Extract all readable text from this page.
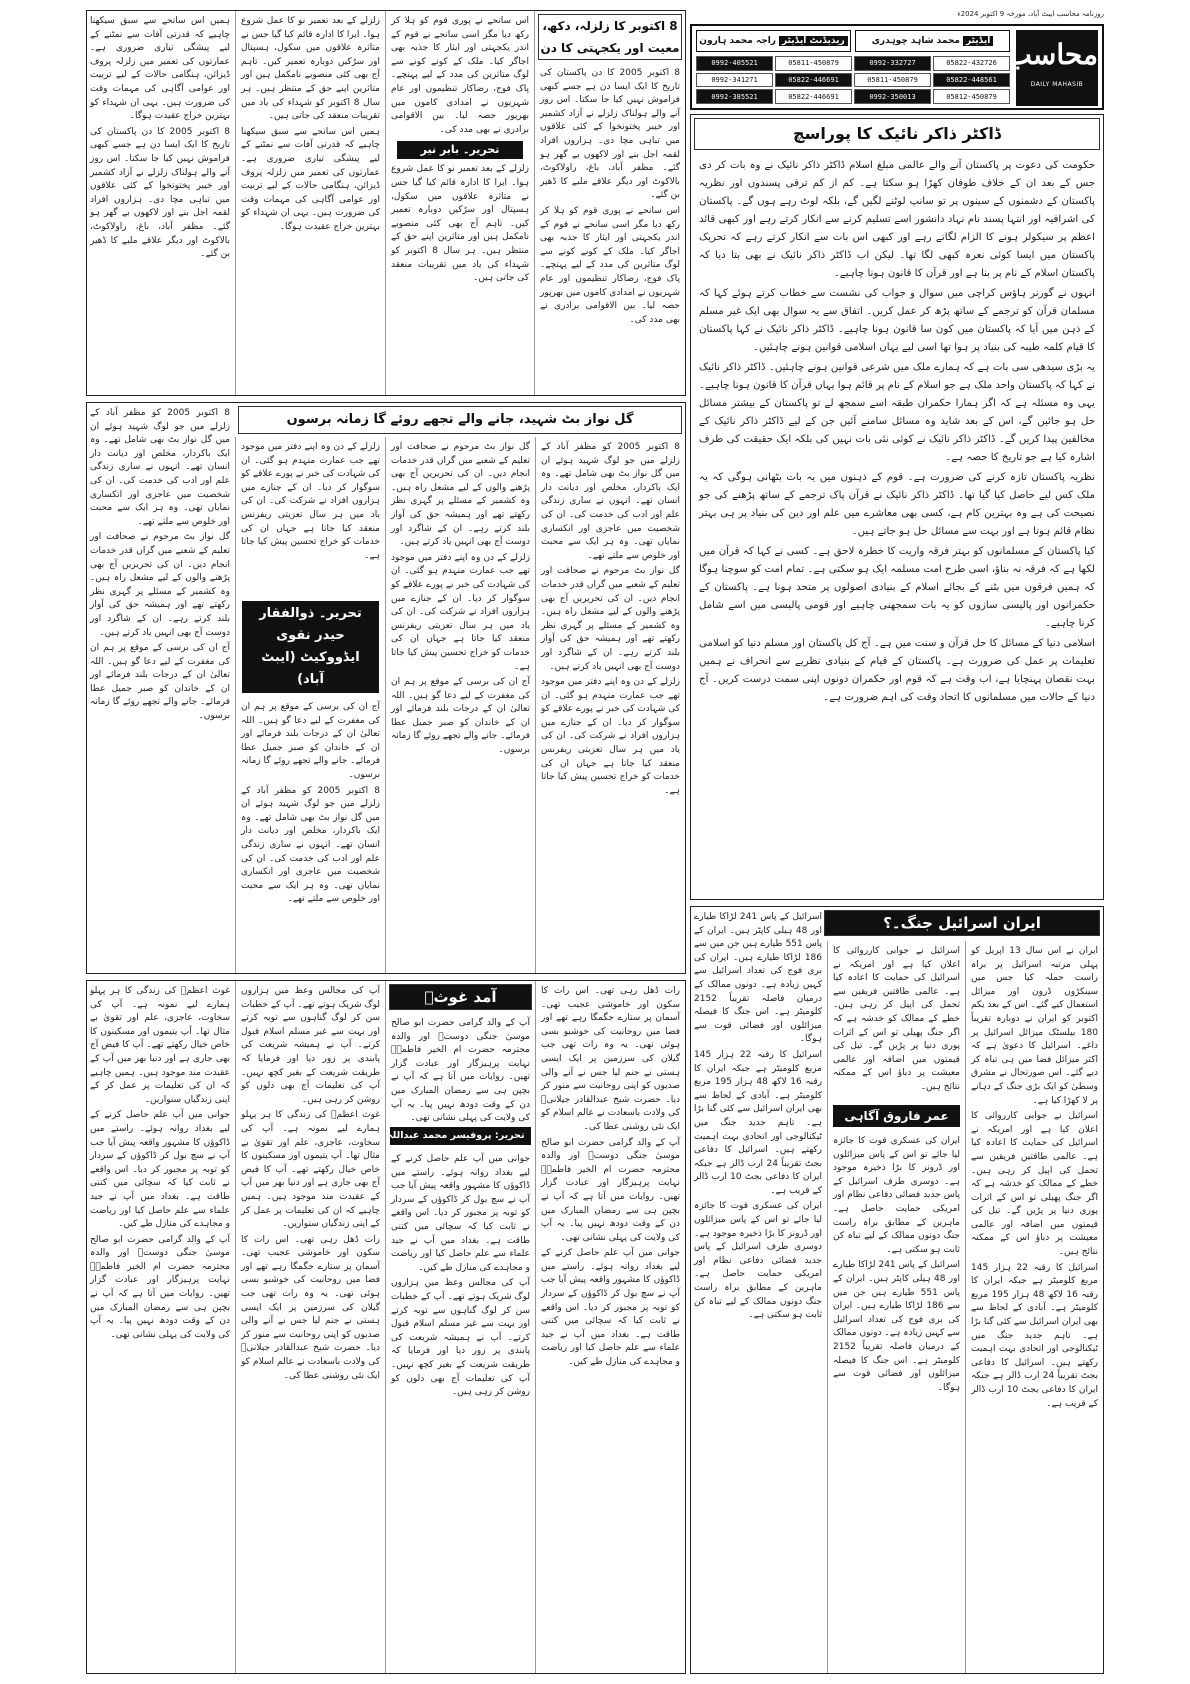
روزنامہ محاسب ایبٹ آباد، مورخہ 9 اکتوبر 2024ء
محاسب
DAILY MAHASIB
ایڈیٹر
محمد شاہد چوہدری
ریذیڈنٹ ایڈیٹر
راجہ محمد ہارون
05822-432726
0992-332727
05811-450879
0992-405521
05822-448561
05811-450879
05822-446691
0992-341271
05812-450879
0992-350013
05822-446691
0992-385521
ڈاکٹر ذاکر نائیک کا پوراسچ

حکومت کی دعوت پر پاکستان آنے والے عالمی مبلغ اسلام ڈاکٹر ذاکر نائیک نے وہ بات کر دی جس کے بعد ان کے خلاف طوفان کھڑا ہو سکتا ہے۔ کم از کم ترقی پسندوں اور نظریہ پاکستان کے دشمنوں کے سینوں پر تو سانپ لوٹنے لگیں گے، بلکہ لوٹ رہے ہوں گے۔ پاکستان کی اشرافیہ اور انتہا پسند نام نہاد دانشور اسے تسلیم کرنے سے انکار کرتے رہے اور کبھی قائد اعظم پر سیکولر ہونے کا الزام لگاتے رہے اور کبھی اس بات سے انکار کرتے رہے کہ تحریک پاکستان میں ایسا کوئی نعرہ کبھی لگا تھا۔ لیکن اب ڈاکٹر ذاکر نائیک نے بھی بتا دیا کہ پاکستان اسلام کے نام پر بنا ہے اور قرآن کا قانون ہونا چاہیے۔

انہوں نے گورنر ہاؤس کراچی میں سوال و جواب کی نشست سے خطاب کرتے ہوئے کہا کہ مسلمان قرآن کو ترجمے کے ساتھ پڑھ کر عمل کریں۔ اتفاق سے یہ سوال بھی ایک غیر مسلم کے ذہن میں آیا کہ پاکستان میں کون سا قانون ہونا چاہیے۔ ڈاکٹر ذاکر نائیک نے کہا پاکستان کا قیام کلمہ طیبہ کی بنیاد پر ہوا تھا اسی لیے یہاں اسلامی قوانین ہونے چاہئیں۔

یہ بڑی سیدھی سی بات ہے کہ ہمارے ملک میں شرعی قوانین ہونے چاہئیں۔ ڈاکٹر ذاکر نائیک نے کہا کہ پاکستان واحد ملک ہے جو اسلام کے نام پر قائم ہوا یہاں قرآن کا قانون ہونا چاہیے۔ یہی وہ مسئلہ ہے کہ اگر ہمارا حکمران طبقہ اسے سمجھ لے تو پاکستان کے بیشتر مسائل حل ہو جائیں گے، اس کے بعد شاید وہ مسائل سامنے آئیں جن کے لیے ڈاکٹر ذاکر نائیک کے مخالفین پیدا کریں گے۔ ڈاکٹر ذاکر نائیک نے کوئی نئی بات نہیں کی بلکہ ایک حقیقت کی طرف اشارہ کیا ہے جو تاریخ کا حصہ ہے۔

نظریہ پاکستان تازہ کرنے کی ضرورت ہے۔ قوم کے ذہنوں میں یہ بات بٹھانی ہوگی کہ یہ ملک کس لیے حاصل کیا گیا تھا۔ ڈاکٹر ذاکر نائیک نے قرآن پاک ترجمے کے ساتھ پڑھنے کی جو نصیحت کی ہے وہ بہترین کام ہے، کسی بھی معاشرے میں علم اور دین کی بنیاد پر ہی بہتر نظام قائم ہوتا ہے اور بہت سے مسائل حل ہو جاتے ہیں۔

کیا پاکستان کے مسلمانوں کو بہتر فرقہ واریت کا خطرہ لاحق ہے۔ کسی نے کہا کہ قرآن میں لکھا ہے کہ فرقہ نہ بناؤ، اسی طرح امت مسلمہ ایک ہو سکتی ہے۔ تمام امت کو سوچنا ہوگا کہ ہمیں فرقوں میں بٹنے کے بجائے اسلام کے بنیادی اصولوں پر متحد ہونا ہے۔ پاکستان کے حکمرانوں اور پالیسی سازوں کو یہ بات سمجھنی چاہیے اور قومی پالیسی میں اسے شامل کرنا چاہیے۔

اسلامی دنیا کے مسائل کا حل قرآن و سنت میں ہے۔ آج کل پاکستان اور مسلم دنیا کو اسلامی تعلیمات پر عمل کی ضرورت ہے۔ پاکستان کے قیام کے بنیادی نظریے سے انحراف نے ہمیں بہت نقصان پہنچایا ہے، اب وقت ہے کہ قوم اور حکمران دونوں اپنی سمت درست کریں۔ آج دنیا کے حالات میں مسلمانوں کا اتحاد وقت کی اہم ضرورت ہے۔

8 اکتوبر کا زلزلہ، دکھ، معیت اور یکجہتی کا دن

8 اکتوبر 2005 کا دن پاکستان کی تاریخ کا ایک ایسا دن ہے جسے کبھی فراموش نہیں کیا جا سکتا۔ اس روز آنے والے ہولناک زلزلے نے آزاد کشمیر اور خیبر پختونخوا کے کئی علاقوں میں تباہی مچا دی۔ ہزاروں افراد لقمہ اجل بنے اور لاکھوں بے گھر ہو گئے۔ مظفر آباد، باغ، راولاکوٹ، بالاکوٹ اور دیگر علاقے ملبے کا ڈھیر بن گئے۔

اس سانحے نے پوری قوم کو ہلا کر رکھ دیا مگر اسی سانحے نے قوم کے اندر یکجہتی اور ایثار کا جذبہ بھی اجاگر کیا۔ ملک کے کونے کونے سے لوگ متاثرین کی مدد کے لیے پہنچے۔ پاک فوج، رضاکار تنظیموں اور عام شہریوں نے امدادی کاموں میں بھرپور حصہ لیا۔ بین الاقوامی برادری نے بھی مدد کی۔

اس سانحے نے پوری قوم کو ہلا کر رکھ دیا مگر اسی سانحے نے قوم کے اندر یکجہتی اور ایثار کا جذبہ بھی اجاگر کیا۔ ملک کے کونے کونے سے لوگ متاثرین کی مدد کے لیے پہنچے۔ پاک فوج، رضاکار تنظیموں اور عام شہریوں نے امدادی کاموں میں بھرپور حصہ لیا۔ بین الاقوامی برادری نے بھی مدد کی۔

تحریر۔ بابر نیر

زلزلے کے بعد تعمیر نو کا عمل شروع ہوا۔ ایرا کا ادارہ قائم کیا گیا جس نے متاثرہ علاقوں میں سکول، ہسپتال اور سڑکیں دوبارہ تعمیر کیں۔ تاہم آج بھی کئی منصوبے نامکمل ہیں اور متاثرین اپنے حق کے منتظر ہیں۔ ہر سال 8 اکتوبر کو شہداء کی یاد میں تقریبات منعقد کی جاتی ہیں۔

زلزلے کے بعد تعمیر نو کا عمل شروع ہوا۔ ایرا کا ادارہ قائم کیا گیا جس نے متاثرہ علاقوں میں سکول، ہسپتال اور سڑکیں دوبارہ تعمیر کیں۔ تاہم آج بھی کئی منصوبے نامکمل ہیں اور متاثرین اپنے حق کے منتظر ہیں۔ ہر سال 8 اکتوبر کو شہداء کی یاد میں تقریبات منعقد کی جاتی ہیں۔

ہمیں اس سانحے سے سبق سیکھنا چاہیے کہ قدرتی آفات سے نمٹنے کے لیے پیشگی تیاری ضروری ہے۔ عمارتوں کی تعمیر میں زلزلہ پروف ڈیزائن، ہنگامی حالات کے لیے تربیت اور عوامی آگاہی کی مہمات وقت کی ضرورت ہیں۔ یہی ان شہداء کو بہترین خراج عقیدت ہوگا۔

ہمیں اس سانحے سے سبق سیکھنا چاہیے کہ قدرتی آفات سے نمٹنے کے لیے پیشگی تیاری ضروری ہے۔ عمارتوں کی تعمیر میں زلزلہ پروف ڈیزائن، ہنگامی حالات کے لیے تربیت اور عوامی آگاہی کی مہمات وقت کی ضرورت ہیں۔ یہی ان شہداء کو بہترین خراج عقیدت ہوگا۔

8 اکتوبر 2005 کا دن پاکستان کی تاریخ کا ایک ایسا دن ہے جسے کبھی فراموش نہیں کیا جا سکتا۔ اس روز آنے والے ہولناک زلزلے نے آزاد کشمیر اور خیبر پختونخوا کے کئی علاقوں میں تباہی مچا دی۔ ہزاروں افراد لقمہ اجل بنے اور لاکھوں بے گھر ہو گئے۔ مظفر آباد، باغ، راولاکوٹ، بالاکوٹ اور دیگر علاقے ملبے کا ڈھیر بن گئے۔

گل نواز بٹ شہید، جانے والے تجھے روئے گا زمانہ برسوں

8 اکتوبر 2005 کو مظفر آباد کے زلزلے میں جو لوگ شہید ہوئے ان میں گل نواز بٹ بھی شامل تھے۔ وہ ایک باکردار، مخلص اور دیانت دار انسان تھے۔ انہوں نے ساری زندگی علم اور ادب کی خدمت کی۔ ان کی شخصیت میں عاجزی اور انکساری نمایاں تھی۔ وہ ہر ایک سے محبت اور خلوص سے ملتے تھے۔

گل نواز بٹ مرحوم نے صحافت اور تعلیم کے شعبے میں گراں قدر خدمات انجام دیں۔ ان کی تحریریں آج بھی پڑھنے والوں کے لیے مشعل راہ ہیں۔ وہ کشمیر کے مسئلے پر گہری نظر رکھتے تھے اور ہمیشہ حق کی آواز بلند کرتے رہے۔ ان کے شاگرد اور دوست آج بھی انہیں یاد کرتے ہیں۔

زلزلے کے دن وہ اپنے دفتر میں موجود تھے جب عمارت منہدم ہو گئی۔ ان کی شہادت کی خبر نے پورے علاقے کو سوگوار کر دیا۔ ان کے جنازے میں ہزاروں افراد نے شرکت کی۔ ان کی یاد میں ہر سال تعزیتی ریفرنس منعقد کیا جاتا ہے جہاں ان کی خدمات کو خراج تحسین پیش کیا جاتا ہے۔

گل نواز بٹ مرحوم نے صحافت اور تعلیم کے شعبے میں گراں قدر خدمات انجام دیں۔ ان کی تحریریں آج بھی پڑھنے والوں کے لیے مشعل راہ ہیں۔ وہ کشمیر کے مسئلے پر گہری نظر رکھتے تھے اور ہمیشہ حق کی آواز بلند کرتے رہے۔ ان کے شاگرد اور دوست آج بھی انہیں یاد کرتے ہیں۔

زلزلے کے دن وہ اپنے دفتر میں موجود تھے جب عمارت منہدم ہو گئی۔ ان کی شہادت کی خبر نے پورے علاقے کو سوگوار کر دیا۔ ان کے جنازے میں ہزاروں افراد نے شرکت کی۔ ان کی یاد میں ہر سال تعزیتی ریفرنس منعقد کیا جاتا ہے جہاں ان کی خدمات کو خراج تحسین پیش کیا جاتا ہے۔

آج ان کی برسی کے موقع پر ہم ان کی مغفرت کے لیے دعا گو ہیں۔ اللہ تعالیٰ ان کے درجات بلند فرمائے اور ان کے خاندان کو صبر جمیل عطا فرمائے۔ جانے والے تجھے روئے گا زمانہ برسوں۔

زلزلے کے دن وہ اپنے دفتر میں موجود تھے جب عمارت منہدم ہو گئی۔ ان کی شہادت کی خبر نے پورے علاقے کو سوگوار کر دیا۔ ان کے جنازے میں ہزاروں افراد نے شرکت کی۔ ان کی یاد میں ہر سال تعزیتی ریفرنس منعقد کیا جاتا ہے جہاں ان کی خدمات کو خراج تحسین پیش کیا جاتا ہے۔

تحریر۔ ذوالفقار حیدر نقوی
ایڈووکیٹ (ایبٹ آباد)

آج ان کی برسی کے موقع پر ہم ان کی مغفرت کے لیے دعا گو ہیں۔ اللہ تعالیٰ ان کے درجات بلند فرمائے اور ان کے خاندان کو صبر جمیل عطا فرمائے۔ جانے والے تجھے روئے گا زمانہ برسوں۔

8 اکتوبر 2005 کو مظفر آباد کے زلزلے میں جو لوگ شہید ہوئے ان میں گل نواز بٹ بھی شامل تھے۔ وہ ایک باکردار، مخلص اور دیانت دار انسان تھے۔ انہوں نے ساری زندگی علم اور ادب کی خدمت کی۔ ان کی شخصیت میں عاجزی اور انکساری نمایاں تھی۔ وہ ہر ایک سے محبت اور خلوص سے ملتے تھے۔

8 اکتوبر 2005 کو مظفر آباد کے زلزلے میں جو لوگ شہید ہوئے ان میں گل نواز بٹ بھی شامل تھے۔ وہ ایک باکردار، مخلص اور دیانت دار انسان تھے۔ انہوں نے ساری زندگی علم اور ادب کی خدمت کی۔ ان کی شخصیت میں عاجزی اور انکساری نمایاں تھی۔ وہ ہر ایک سے محبت اور خلوص سے ملتے تھے۔

گل نواز بٹ مرحوم نے صحافت اور تعلیم کے شعبے میں گراں قدر خدمات انجام دیں۔ ان کی تحریریں آج بھی پڑھنے والوں کے لیے مشعل راہ ہیں۔ وہ کشمیر کے مسئلے پر گہری نظر رکھتے تھے اور ہمیشہ حق کی آواز بلند کرتے رہے۔ ان کے شاگرد اور دوست آج بھی انہیں یاد کرتے ہیں۔

آج ان کی برسی کے موقع پر ہم ان کی مغفرت کے لیے دعا گو ہیں۔ اللہ تعالیٰ ان کے درجات بلند فرمائے اور ان کے خاندان کو صبر جمیل عطا فرمائے۔ جانے والے تجھے روئے گا زمانہ برسوں۔

ایران اسرائیل جنگ۔؟

ایران نے اس سال 13 اپریل کو پہلی مرتبہ اسرائیل پر براہ راست حملہ کیا جس میں سینکڑوں ڈرون اور میزائل استعمال کیے گئے۔ اس کے بعد یکم اکتوبر کو ایران نے دوبارہ تقریباً 180 بیلسٹک میزائل اسرائیل پر داغے۔ اسرائیل کا دعویٰ ہے کہ اکثر میزائل فضا میں ہی تباہ کر دیے گئے۔ اس صورتحال نے مشرق وسطیٰ کو ایک بڑی جنگ کے دہانے پر لا کھڑا کیا ہے۔

اسرائیل نے جوابی کارروائی کا اعلان کیا ہے اور امریکہ نے اسرائیل کی حمایت کا اعادہ کیا ہے۔ عالمی طاقتیں فریقین سے تحمل کی اپیل کر رہی ہیں۔ خطے کے ممالک کو خدشہ ہے کہ اگر جنگ پھیلی تو اس کے اثرات پوری دنیا پر پڑیں گے۔ تیل کی قیمتوں میں اضافہ اور عالمی معیشت پر دباؤ اس کے ممکنہ نتائج ہیں۔

اسرائیل کا رقبہ 22 ہزار 145 مربع کلومیٹر ہے جبکہ ایران کا رقبہ 16 لاکھ 48 ہزار 195 مربع کلومیٹر ہے۔ آبادی کے لحاظ سے بھی ایران اسرائیل سے کئی گنا بڑا ہے۔ تاہم جدید جنگ میں ٹیکنالوجی اور اتحادی بہت اہمیت رکھتے ہیں۔ اسرائیل کا دفاعی بجٹ تقریباً 24 ارب ڈالر ہے جبکہ ایران کا دفاعی بجٹ 10 ارب ڈالر کے قریب ہے۔

اسرائیل نے جوابی کارروائی کا اعلان کیا ہے اور امریکہ نے اسرائیل کی حمایت کا اعادہ کیا ہے۔ عالمی طاقتیں فریقین سے تحمل کی اپیل کر رہی ہیں۔ خطے کے ممالک کو خدشہ ہے کہ اگر جنگ پھیلی تو اس کے اثرات پوری دنیا پر پڑیں گے۔ تیل کی قیمتوں میں اضافہ اور عالمی معیشت پر دباؤ اس کے ممکنہ نتائج ہیں۔

عمر فاروق آگاہی

ایران کی عسکری قوت کا جائزہ لیا جائے تو اس کے پاس میزائلوں اور ڈرونز کا بڑا ذخیرہ موجود ہے۔ دوسری طرف اسرائیل کے پاس جدید فضائی دفاعی نظام اور امریکی حمایت حاصل ہے۔ ماہرین کے مطابق براہ راست جنگ دونوں ممالک کے لیے تباہ کن ثابت ہو سکتی ہے۔

اسرائیل کے پاس 241 لڑاکا طیارے اور 48 ہیلی کاپٹر ہیں۔ ایران کے پاس 551 طیارے ہیں جن میں سے 186 لڑاکا طیارے ہیں۔ ایران کی بری فوج کی تعداد اسرائیل سے کہیں زیادہ ہے۔ دونوں ممالک کے درمیان فاصلہ تقریباً 2152 کلومیٹر ہے۔ اس جنگ کا فیصلہ میزائلوں اور فضائی قوت سے ہوگا۔

اسرائیل کے پاس 241 لڑاکا طیارے اور 48 ہیلی کاپٹر ہیں۔ ایران کے پاس 551 طیارے ہیں جن میں سے 186 لڑاکا طیارے ہیں۔ ایران کی بری فوج کی تعداد اسرائیل سے کہیں زیادہ ہے۔ دونوں ممالک کے درمیان فاصلہ تقریباً 2152 کلومیٹر ہے۔ اس جنگ کا فیصلہ میزائلوں اور فضائی قوت سے ہوگا۔

اسرائیل کا رقبہ 22 ہزار 145 مربع کلومیٹر ہے جبکہ ایران کا رقبہ 16 لاکھ 48 ہزار 195 مربع کلومیٹر ہے۔ آبادی کے لحاظ سے بھی ایران اسرائیل سے کئی گنا بڑا ہے۔ تاہم جدید جنگ میں ٹیکنالوجی اور اتحادی بہت اہمیت رکھتے ہیں۔ اسرائیل کا دفاعی بجٹ تقریباً 24 ارب ڈالر ہے جبکہ ایران کا دفاعی بجٹ 10 ارب ڈالر کے قریب ہے۔

ایران کی عسکری قوت کا جائزہ لیا جائے تو اس کے پاس میزائلوں اور ڈرونز کا بڑا ذخیرہ موجود ہے۔ دوسری طرف اسرائیل کے پاس جدید فضائی دفاعی نظام اور امریکی حمایت حاصل ہے۔ ماہرین کے مطابق براہ راست جنگ دونوں ممالک کے لیے تباہ کن ثابت ہو سکتی ہے۔

رات ڈھل رہی تھی۔ اس رات کا سکون اور خاموشی عجیب تھی۔ آسمان پر ستارے جگمگا رہے تھے اور فضا میں روحانیت کی خوشبو بسی ہوئی تھی۔ یہ وہ رات تھی جب گیلان کی سرزمین پر ایک ایسی ہستی نے جنم لیا جس نے آنے والی صدیوں کو اپنی روحانیت سے منور کر دیا۔ حضرت شیخ عبدالقادر جیلانیؒ کی ولادت باسعادت نے عالم اسلام کو ایک نئی روشنی عطا کی۔

آپ کے والد گرامی حضرت ابو صالح موسیٰ جنگی دوستؒ اور والدہ محترمہ حضرت ام الخیر فاطمہؒ نہایت پرہیزگار اور عبادت گزار تھیں۔ روایات میں آتا ہے کہ آپ نے بچپن ہی سے رمضان المبارک میں دن کے وقت دودھ نہیں پیا۔ یہ آپ کی ولایت کی پہلی نشانی تھی۔

جوانی میں آپ علم حاصل کرنے کے لیے بغداد روانہ ہوئے۔ راستے میں ڈاکوؤں کا مشہور واقعہ پیش آیا جب آپ نے سچ بول کر ڈاکوؤں کے سردار کو توبہ پر مجبور کر دیا۔ اس واقعے نے ثابت کیا کہ سچائی میں کتنی طاقت ہے۔ بغداد میں آپ نے جید علماء سے علم حاصل کیا اور ریاضت و مجاہدے کی منازل طے کیں۔

آمد غوثؒ

آپ کے والد گرامی حضرت ابو صالح موسیٰ جنگی دوستؒ اور والدہ محترمہ حضرت ام الخیر فاطمہؒ نہایت پرہیزگار اور عبادت گزار تھیں۔ روایات میں آتا ہے کہ آپ نے بچپن ہی سے رمضان المبارک میں دن کے وقت دودھ نہیں پیا۔ یہ آپ کی ولایت کی پہلی نشانی تھی۔

تحریر: پروفیسر محمد عبداللہ بھٹی

جوانی میں آپ علم حاصل کرنے کے لیے بغداد روانہ ہوئے۔ راستے میں ڈاکوؤں کا مشہور واقعہ پیش آیا جب آپ نے سچ بول کر ڈاکوؤں کے سردار کو توبہ پر مجبور کر دیا۔ اس واقعے نے ثابت کیا کہ سچائی میں کتنی طاقت ہے۔ بغداد میں آپ نے جید علماء سے علم حاصل کیا اور ریاضت و مجاہدے کی منازل طے کیں۔

آپ کی مجالس وعظ میں ہزاروں لوگ شریک ہوتے تھے۔ آپ کے خطبات سن کر لوگ گناہوں سے توبہ کرتے اور بہت سے غیر مسلم اسلام قبول کرتے۔ آپ نے ہمیشہ شریعت کی پابندی پر زور دیا اور فرمایا کہ طریقت شریعت کے بغیر کچھ نہیں۔ آپ کی تعلیمات آج بھی دلوں کو روشن کر رہی ہیں۔

آپ کی مجالس وعظ میں ہزاروں لوگ شریک ہوتے تھے۔ آپ کے خطبات سن کر لوگ گناہوں سے توبہ کرتے اور بہت سے غیر مسلم اسلام قبول کرتے۔ آپ نے ہمیشہ شریعت کی پابندی پر زور دیا اور فرمایا کہ طریقت شریعت کے بغیر کچھ نہیں۔ آپ کی تعلیمات آج بھی دلوں کو روشن کر رہی ہیں۔

غوث اعظمؒ کی زندگی کا ہر پہلو ہمارے لیے نمونہ ہے۔ آپ کی سخاوت، عاجزی، علم اور تقویٰ بے مثال تھا۔ آپ یتیموں اور مسکینوں کا خاص خیال رکھتے تھے۔ آپ کا فیض آج بھی جاری ہے اور دنیا بھر میں آپ کے عقیدت مند موجود ہیں۔ ہمیں چاہیے کہ ان کی تعلیمات پر عمل کر کے اپنی زندگیاں سنواریں۔

رات ڈھل رہی تھی۔ اس رات کا سکون اور خاموشی عجیب تھی۔ آسمان پر ستارے جگمگا رہے تھے اور فضا میں روحانیت کی خوشبو بسی ہوئی تھی۔ یہ وہ رات تھی جب گیلان کی سرزمین پر ایک ایسی ہستی نے جنم لیا جس نے آنے والی صدیوں کو اپنی روحانیت سے منور کر دیا۔ حضرت شیخ عبدالقادر جیلانیؒ کی ولادت باسعادت نے عالم اسلام کو ایک نئی روشنی عطا کی۔

غوث اعظمؒ کی زندگی کا ہر پہلو ہمارے لیے نمونہ ہے۔ آپ کی سخاوت، عاجزی، علم اور تقویٰ بے مثال تھا۔ آپ یتیموں اور مسکینوں کا خاص خیال رکھتے تھے۔ آپ کا فیض آج بھی جاری ہے اور دنیا بھر میں آپ کے عقیدت مند موجود ہیں۔ ہمیں چاہیے کہ ان کی تعلیمات پر عمل کر کے اپنی زندگیاں سنواریں۔

جوانی میں آپ علم حاصل کرنے کے لیے بغداد روانہ ہوئے۔ راستے میں ڈاکوؤں کا مشہور واقعہ پیش آیا جب آپ نے سچ بول کر ڈاکوؤں کے سردار کو توبہ پر مجبور کر دیا۔ اس واقعے نے ثابت کیا کہ سچائی میں کتنی طاقت ہے۔ بغداد میں آپ نے جید علماء سے علم حاصل کیا اور ریاضت و مجاہدے کی منازل طے کیں۔

آپ کے والد گرامی حضرت ابو صالح موسیٰ جنگی دوستؒ اور والدہ محترمہ حضرت ام الخیر فاطمہؒ نہایت پرہیزگار اور عبادت گزار تھیں۔ روایات میں آتا ہے کہ آپ نے بچپن ہی سے رمضان المبارک میں دن کے وقت دودھ نہیں پیا۔ یہ آپ کی ولایت کی پہلی نشانی تھی۔
